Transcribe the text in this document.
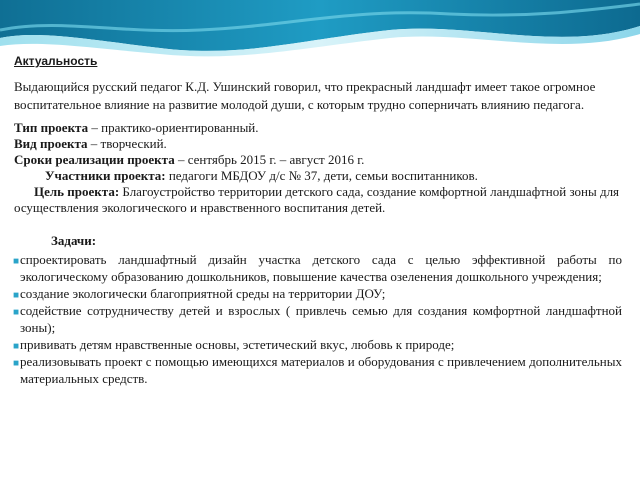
Актуальность

Выдающийся русский педагог К.Д. Ушинский говорил, что прекрасный ландшафт имеет такое огромное воспитательное влияние на развитие молодой души, с которым трудно соперничать влиянию педагога.

Тип проекта – практико-ориентированный.

Вид проекта – творческий.

Сроки реализации проекта – сентябрь 2015 г. – август 2016 г.

Участники проекта: педагоги МБДОУ д/с № 37, дети, семьи воспитанников.

Цель проекта: Благоустройство территории детского сада, создание комфортной ландшафтной зоны для осуществления экологического и нравственного воспитания детей.

Задачи:
■ спроектировать ландшафтный дизайн участка детского сада с целью эффективной работы по экологическому образованию дошкольников, повышение качества озеленения дошкольного учреждения;
■ создание экологически благоприятной среды на территории ДОУ;
■ содействие сотрудничеству детей и взрослых ( привлечь семью для создания комфортной ландшафтной зоны);
■ прививать детям нравственные основы, эстетический вкус, любовь к природе;
■ реализовывать проект с помощью имеющихся материалов и оборудования с привлечением дополнительных материальных средств.
